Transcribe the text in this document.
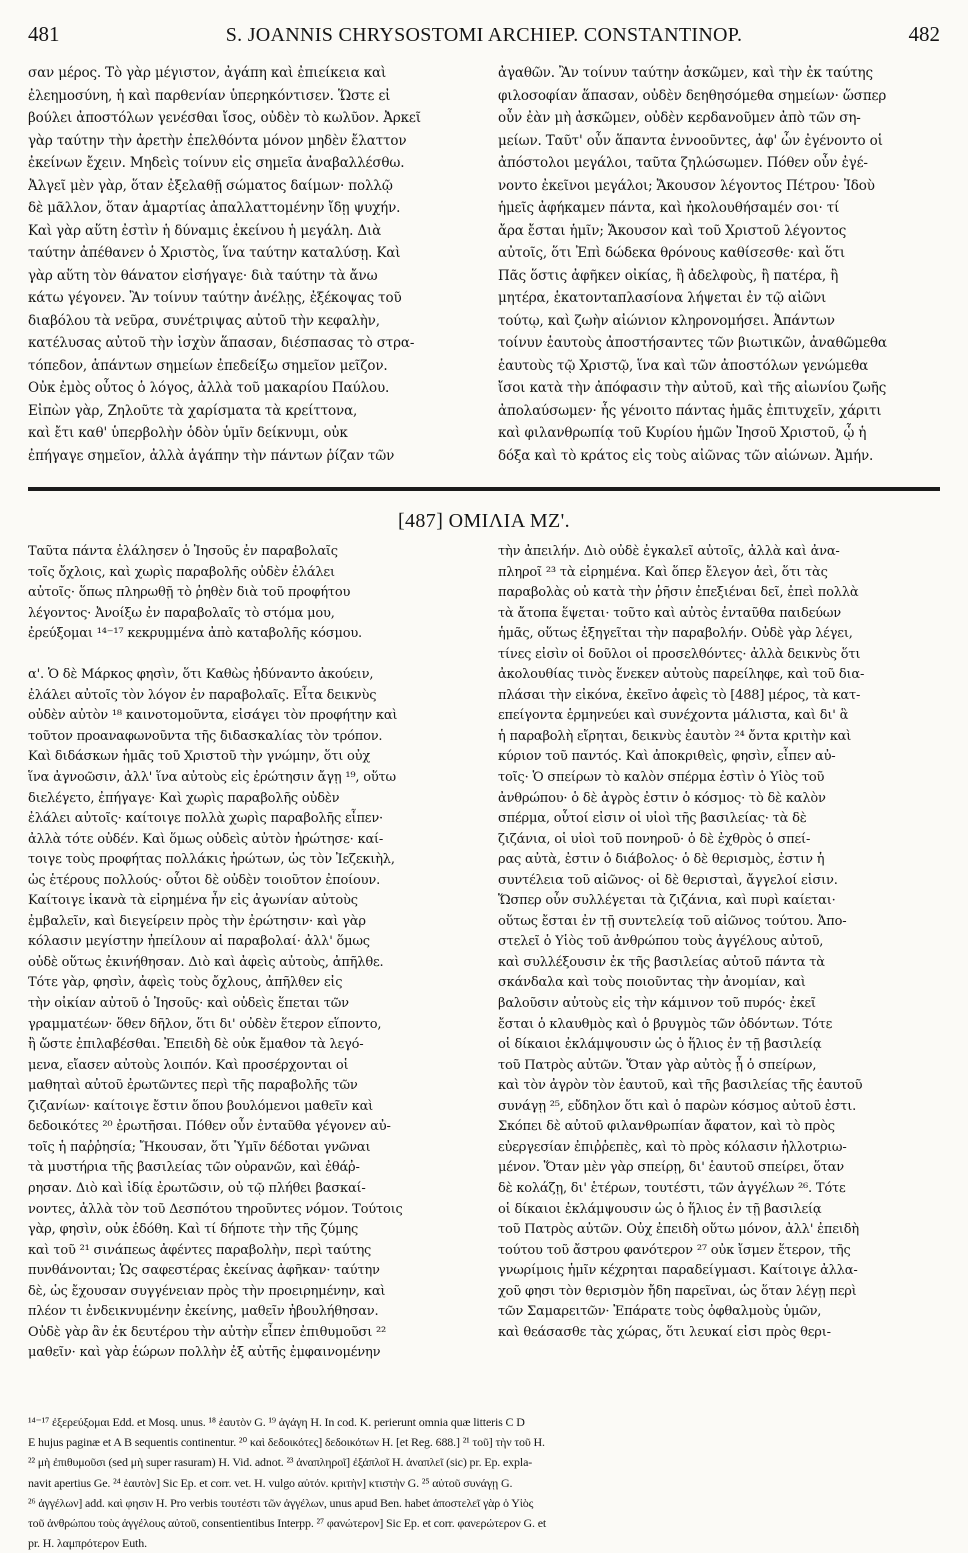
481	S. JOANNIS CHRYSOSTOMI ARCHIEP. CONSTANTINOP.	482
σαν μέρος. Τὸ γὰρ μέγιστον, ἀγάπη καὶ ἐπιείκεια καὶ
ἐλεημοσύνη, ἡ καὶ παρθενίαν ὑπερηκόντισεν. Ὥστε εἰ
βούλει ἀποστόλων γενέσθαι ἴσος, οὐδὲν τὸ κωλῦον. Ἀρκεῖ
γὰρ ταύτην τὴν ἀρετὴν ἐπελθόντα μόνον μηδὲν ἔλαττον
ἐκείνων ἔχειν. Μηδεὶς τοίνυν εἰς σημεῖα ἀναβαλλέσθω.
Ἀλγεῖ μὲν γὰρ, ὅταν ἐξελαθῇ σώματος δαίμων· πολλῷ
δὲ μᾶλλον, ὅταν ἁμαρτίας ἀπαλλαττομένην ἴδῃ ψυχήν.
Καὶ γὰρ αὕτη ἐστὶν ἡ δύναμις ἐκείνου ἡ μεγάλη. Διὰ
ταύτην ἀπέθανεν ὁ Χριστὸς, ἵνα ταύτην καταλύσῃ. Καὶ
γὰρ αὕτη τὸν θάνατον εἰσήγαγε· διὰ ταύτην τὰ ἄνω
κάτω γέγονεν. Ἂν τοίνυν ταύτην ἀνέλῃς, ἐξέκοψας τοῦ
διαβόλου τὰ νεῦρα, συνέτριψας αὐτοῦ τὴν κεφαλὴν,
κατέλυσας αὐτοῦ τὴν ἰσχὺν ἅπασαν, διέσπασας τὸ στρα-
τόπεδον, ἁπάντων σημείων ἐπεδείξω σημεῖον μεῖζον.
Οὐκ ἐμὸς οὗτος ὁ λόγος, ἀλλὰ τοῦ μακαρίου Παύλου.
Εἰπὼν γὰρ, Ζηλοῦτε τὰ χαρίσματα τὰ κρείττονα,
καὶ ἔτι καθ' ὑπερβολὴν ὁδὸν ὑμῖν δείκνυμι, οὐκ
ἐπήγαγε σημεῖον, ἀλλὰ ἀγάπην τὴν πάντων ῥίζαν τῶν
ἀγαθῶν. Ἂν τοίνυν ταύτην ἀσκῶμεν, καὶ τὴν ἐκ ταύτης
φιλοσοφίαν ἅπασαν, οὐδὲν δεηθησόμεθα σημείων· ὥσπερ
οὖν ἐὰν μὴ ἀσκῶμεν, οὐδὲν κερδανοῦμεν ἀπὸ τῶν ση-
μείων. Ταῦτ' οὖν ἅπαντα ἐννοοῦντες, ἀφ' ὧν ἐγένοντο οἱ
ἀπόστολοι μεγάλοι, ταῦτα ζηλώσωμεν. Πόθεν οὖν ἐγέ-
νοντο ἐκεῖνοι μεγάλοι; Ἄκουσον λέγοντος Πέτρου· Ἰδοὺ
ἡμεῖς ἀφήκαμεν πάντα, καὶ ἠκολουθήσαμέν σοι· τί
ἄρα ἔσται ἡμῖν; Ἄκουσον καὶ τοῦ Χριστοῦ λέγοντος
αὐτοῖς, ὅτι Ἐπὶ δώδεκα θρόνους καθίσεσθε· καὶ ὅτι
Πᾶς ὅστις ἀφῆκεν οἰκίας, ἢ ἀδελφοὺς, ἢ πατέρα, ἢ
μητέρα, ἑκατονταπλασίονα λήψεται ἐν τῷ αἰῶνι
τούτῳ, καὶ ζωὴν αἰώνιον κληρονομήσει. Ἀπάντων
τοίνυν ἑαυτοὺς ἀποστήσαντες τῶν βιωτικῶν, ἀναθῶμεθα
ἑαυτοὺς τῷ Χριστῷ, ἵνα καὶ τῶν ἀποστόλων γενώμεθα
ἴσοι κατὰ τὴν ἀπόφασιν τὴν αὐτοῦ, καὶ τῆς αἰωνίου ζωῆς
ἀπολαύσωμεν· ἧς γένοιτο πάντας ἡμᾶς ἐπιτυχεῖν, χάριτι
καὶ φιλανθρωπίᾳ τοῦ Κυρίου ἡμῶν Ἰησοῦ Χριστοῦ, ᾧ ἡ
δόξα καὶ τὸ κράτος εἰς τοὺς αἰῶνας τῶν αἰώνων. Ἀμήν.
[487] ΟΜΙΛΙΑ ΜΖ'.
Ταῦτα πάντα ἐλάλησεν ὁ Ἰησοῦς ἐν παραβολαῖς
τοῖς ὄχλοις, καὶ χωρὶς παραβολῆς οὐδὲν ἐλάλει
αὐτοῖς· ὅπως πληρωθῇ τὸ ῥηθὲν διὰ τοῦ προφήτου
λέγοντος· Ἀνοίξω ἐν παραβολαῖς τὸ στόμα μου,
ἐρεύξομαι ¹⁴⁻¹⁷ κεκρυμμένα ἀπὸ καταβολῆς κόσμου.

α'. Ὁ δὲ Μάρκος φησὶν, ὅτι Καθὼς ἠδύναντο ἀκούειν,
ἐλάλει αὐτοῖς τὸν λόγον ἐν παραβολαῖς. Εἶτα δεικνὺς
οὐδὲν αὐτὸν ¹⁸ καινοτομοῦντα, εἰσάγει τὸν προφήτην καὶ
τοῦτον προαναφωνοῦντα τῆς διδασκαλίας τὸν τρόπον.
Καὶ διδάσκων ἡμᾶς τοῦ Χριστοῦ τὴν γνώμην, ὅτι οὐχ
ἵνα ἀγνοῶσιν, ἀλλ' ἵνα αὐτοὺς εἰς ἐρώτησιν ἄγῃ ¹⁹, οὕτω
διελέγετο, ἐπήγαγε· Καὶ χωρὶς παραβολῆς οὐδὲν
ἐλάλει αὐτοῖς· καίτοιγε πολλὰ χωρὶς παραβολῆς εἶπεν·
ἀλλὰ τότε οὐδέν. Καὶ ὅμως οὐδεὶς αὐτὸν ἠρώτησε· καί-
τοιγε τοὺς προφήτας πολλάκις ἠρώτων, ὡς τὸν Ἰεζεκιὴλ,
ὡς ἑτέρους πολλούς· οὗτοι δὲ οὐδὲν τοιοῦτον ἐποίουν.
Καίτοιγε ἱκανὰ τὰ εἰρημένα ἦν εἰς ἀγωνίαν αὐτοὺς
ἐμβαλεῖν, καὶ διεγείρειν πρὸς τὴν ἐρώτησιν· καὶ γὰρ
κόλασιν μεγίστην ἠπείλουν αἱ παραβολαί· ἀλλ' ὅμως
οὐδὲ οὕτως ἐκινήθησαν. Διὸ καὶ ἀφεὶς αὐτοὺς, ἀπῆλθε.
Τότε γὰρ, φησὶν, ἀφεὶς τοὺς ὄχλους, ἀπῆλθεν εἰς
τὴν οἰκίαν αὐτοῦ ὁ Ἰησοῦς· καὶ οὐδεὶς ἕπεται τῶν
γραμματέων· ὅθεν δῆλον, ὅτι δι' οὐδὲν ἕτερον εἵποντο,
ἢ ὥστε ἐπιλαβέσθαι. Ἐπειδὴ δὲ οὐκ ἔμαθον τὰ λεγό-
μενα, εἴασεν αὐτοὺς λοιπόν. Καὶ προσέρχονται οἱ
μαθηταὶ αὐτοῦ ἐρωτῶντες περὶ τῆς παραβολῆς τῶν
ζιζανίων· καίτοιγε ἔστιν ὅπου βουλόμενοι μαθεῖν καὶ
δεδοικότες ²⁰ ἐρωτῆσαι. Πόθεν οὖν ἐνταῦθα γέγονεν αὐ-
τοῖς ἡ παῤῥησία; Ἤκουσαν, ὅτι Ὑμῖν δέδοται γνῶναι
τὰ μυστήρια τῆς βασιλείας τῶν οὐρανῶν, καὶ ἐθάῤ-
ρησαν. Διὸ καὶ ἰδίᾳ ἐρωτῶσιν, οὐ τῷ πλήθει βασκαί-
νοντες, ἀλλὰ τὸν τοῦ Δεσπότου τηροῦντες νόμον. Τούτοις
γὰρ, φησὶν, οὐκ ἐδόθη. Καὶ τί δήποτε τὴν τῆς ζύμης
καὶ τοῦ ²¹ σινάπεως ἀφέντες παραβολὴν, περὶ ταύτης
πυνθάνονται; Ὡς σαφεστέρας ἐκείνας ἀφῆκαν· ταύτην
δὲ, ὡς ἔχουσαν συγγένειαν πρὸς τὴν προειρημένην, καὶ
πλέον τι ἐνδεικνυμένην ἐκείνης, μαθεῖν ἠβουλήθησαν.
Οὐδὲ γὰρ ἂν ἐκ δευτέρου τὴν αὐτὴν εἶπεν ἐπιθυμοῦσι ²²
μαθεῖν· καὶ γὰρ ἑώρων πολλὴν ἐξ αὐτῆς ἐμφαινομένην
τὴν ἀπειλήν. Διὸ οὐδὲ ἐγκαλεῖ αὐτοῖς, ἀλλὰ καὶ ἀνα-
πληροῖ ²³ τὰ εἰρημένα. Καὶ ὅπερ ἔλεγον ἀεὶ, ὅτι τὰς
παραβολὰς οὐ κατὰ τὴν ῥῆσιν ἐπεξιέναι δεῖ, ἐπεὶ πολλὰ
τὰ ἄτοπα ἕψεται· τοῦτο καὶ αὐτὸς ἐνταῦθα παιδεύων
ἡμᾶς, οὕτως ἐξηγεῖται τὴν παραβολήν. Οὐδὲ γὰρ λέγει,
τίνες εἰσὶν οἱ δοῦλοι οἱ προσελθόντες· ἀλλὰ δεικνὺς ὅτι
ἀκολουθίας τινὸς ἕνεκεν αὐτοὺς παρείληφε, καὶ τοῦ δια-
πλάσαι τὴν εἰκόνα, ἐκεῖνο ἀφεὶς τὸ [488] μέρος, τὰ κατ-
επείγοντα ἑρμηνεύει καὶ συνέχοντα μάλιστα, καὶ δι' ἃ
ἡ παραβολὴ εἴρηται, δεικνὺς ἑαυτὸν ²⁴ ὄντα κριτὴν καὶ
κύριον τοῦ παντός. Καὶ ἀποκριθεὶς, φησὶν, εἶπεν αὐ-
τοῖς· Ὁ σπείρων τὸ καλὸν σπέρμα ἐστὶν ὁ Υἱὸς τοῦ
ἀνθρώπου· ὁ δὲ ἀγρὸς ἐστιν ὁ κόσμος· τὸ δὲ καλὸν
σπέρμα, οὗτοί εἰσιν οἱ υἱοὶ τῆς βασιλείας· τὰ δὲ
ζιζάνια, οἱ υἱοὶ τοῦ πονηροῦ· ὁ δὲ ἐχθρὸς ὁ σπεί-
ρας αὐτὰ, ἐστιν ὁ διάβολος· ὁ δὲ θερισμὸς, ἐστιν ἡ
συντέλεια τοῦ αἰῶνος· οἱ δὲ θερισταὶ, ἄγγελοί εἰσιν.
Ὥσπερ οὖν συλλέγεται τὰ ζιζάνια, καὶ πυρὶ καίεται·
οὕτως ἔσται ἐν τῇ συντελείᾳ τοῦ αἰῶνος τούτου. Ἀπο-
στελεῖ ὁ Υἱὸς τοῦ ἀνθρώπου τοὺς ἀγγέλους αὐτοῦ,
καὶ συλλέξουσιν ἐκ τῆς βασιλείας αὐτοῦ πάντα τὰ
σκάνδαλα καὶ τοὺς ποιοῦντας τὴν ἀνομίαν, καὶ
βαλοῦσιν αὐτοὺς εἰς τὴν κάμινον τοῦ πυρός· ἐκεῖ
ἔσται ὁ κλαυθμὸς καὶ ὁ βρυγμὸς τῶν ὀδόντων. Τότε
οἱ δίκαιοι ἐκλάμψουσιν ὡς ὁ ἥλιος ἐν τῇ βασιλείᾳ
τοῦ Πατρὸς αὐτῶν. Ὅταν γὰρ αὐτὸς ᾖ ὁ σπείρων,
καὶ τὸν ἀγρὸν τὸν ἑαυτοῦ, καὶ τῆς βασιλείας τῆς ἑαυτοῦ
συνάγῃ ²⁵, εὔδηλον ὅτι καὶ ὁ παρὼν κόσμος αὐτοῦ ἐστι.
Σκόπει δὲ αὐτοῦ φιλανθρωπίαν ἄφατον, καὶ τὸ πρὸς
εὐεργεσίαν ἐπιῤῥεπὲς, καὶ τὸ πρὸς κόλασιν ἠλλοτριω-
μένον. Ὅταν μὲν γὰρ σπείρῃ, δι' ἑαυτοῦ σπείρει, ὅταν
δὲ κολάζῃ, δι' ἑτέρων, τουτέστι, τῶν ἀγγέλων ²⁶. Τότε
οἱ δίκαιοι ἐκλάμψουσιν ὡς ὁ ἥλιος ἐν τῇ βασιλείᾳ
τοῦ Πατρὸς αὐτῶν. Οὐχ ἐπειδὴ οὕτω μόνον, ἀλλ' ἐπειδὴ
τούτου τοῦ ἄστρου φανότερον ²⁷ οὐκ ἴσμεν ἕτερον, τῆς
γνωρίμοις ἡμῖν κέχρηται παραδείγμασι. Καίτοιγε ἀλλα-
χοῦ φησι τὸν θερισμὸν ἤδη παρεῖναι, ὡς ὅταν λέγῃ περὶ
τῶν Σαμαρειτῶν· Ἐπάρατε τοὺς ὀφθαλμοὺς ὑμῶν,
καὶ θεάσασθε τὰς χώρας, ὅτι λευκαί εἰσι πρὸς θερι-
¹⁴⁻¹⁷ ἐξερεύξομαι Edd. et Mosq. unus. ¹⁸ ἑαυτὸν G. ¹⁹ ἀγάγη H. In cod. K. perierunt omnia quæ litteris C D
E hujus paginæ et A B sequentis continentur. ²⁰ καὶ δεδοικότες] δεδοικότων H. [et Reg. 688.] ²¹ τοῦ] τὴν τοῦ H.
²² μὴ ἐπιθυμοῦσι (sed μὴ super rasuram) H. Vid. adnot. ²³ ἀναπληροῖ] ἐξάπλοῖ H. ἀναπλεῖ (sic) pr. Ep. expla-
navit apertius Ge. ²⁴ ἑαυτὸν] Sic Ep. et corr. vet. H. vulgo αὐτόν. κριτὴν] κτιστὴν G. ²⁵ αὐτοῦ συνάγῃ G.
²⁶ ἀγγέλων] add. καὶ φησιν H. Pro verbis τουτέστι τῶν ἀγγέλων, unus apud Ben. habet ἀποστελεῖ γὰρ ὁ Υἱὸς
τοῦ ἀνθρώπου τοὺς ἀγγέλους αὐτοῦ, consentientibus Interpp. ²⁷ φανώτερον] Sic Ep. et corr. φανερώτερον G. et
pr. H. λαμπρότερον Euth.
